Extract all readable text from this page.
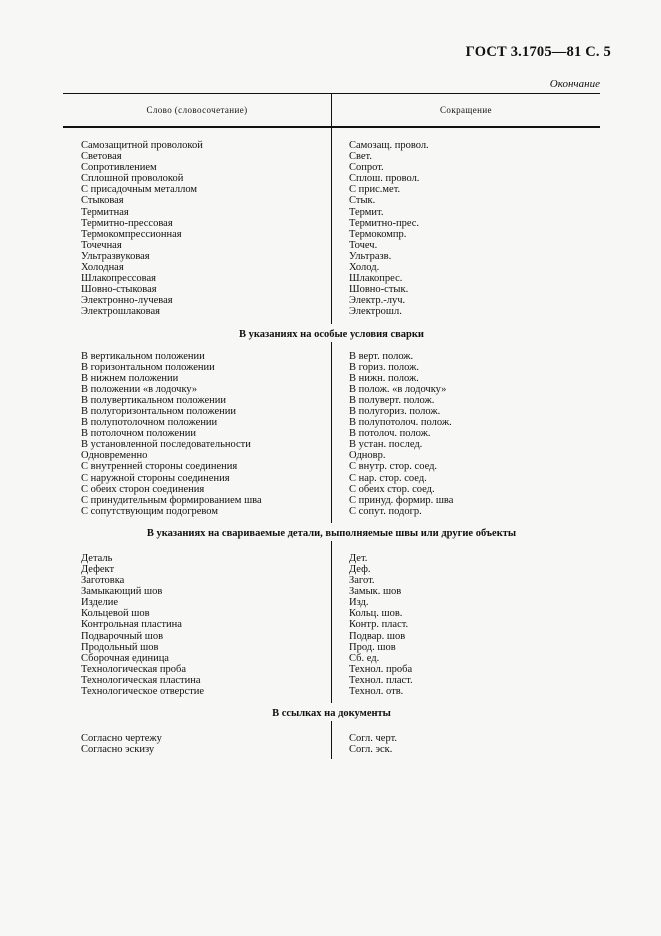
ГОСТ 3.1705—81 С. 5
Окончание
Слово (словосочетание)	Сокращение
Самозащитной проволокой	Самозащ. провол.
Световая	Свет.
Сопротивлением	Сопрот.
Сплошной проволокой	Сплош. провол.
С присадочным металлом	С прис.мет.
Стыковая	Стык.
Термитная	Термит.
Термитно-прессовая	Термитно-прес.
Термокомпрессионная	Термокомпр.
Точечная	Точеч.
Ультразвуковая	Ультразв.
Холодная	Холод.
Шлакопрессовая	Шлакопрес.
Шовно-стыковая	Шовно-стык.
Электронно-лучевая	Электр.-луч.
Электрошлаковая	Электрошл.
В указаниях на особые условия сварки
В вертикальном положении	В верт. полож.
В горизонтальном положении	В гориз. полож.
В нижнем положении	В нижн. полож.
В положении «в лодочку»	В полож. «в лодочку»
В полувертикальном положении	В полуверт. полож.
В полугоризонтальном положении	В полугориз. полож.
В полупотолочном положении	В полупотолоч. полож.
В потолочном положении	В потолоч. полож.
В установленной последовательности	В устан. послед.
Одновременно	Одновр.
С внутренней стороны соединения	С внутр. стор. соед.
С наружной стороны соединения	С нар. стор. соед.
С обеих сторон соединения	С обеих стор. соед.
С принудительным формированием шва	С принуд. формир. шва
С сопутствующим подогревом	С сопут. подогр.
В указаниях на свариваемые детали, выполняемые швы или другие объекты
Деталь	Дет.
Дефект	Деф.
Заготовка	Загот.
Замыкающий шов	Замык. шов
Изделие	Изд.
Кольцевой шов	Кольц. шов.
Контрольная пластина	Контр. пласт.
Подварочный шов	Подвар. шов
Продольный шов	Прод. шов
Сборочная единица	Сб. ед.
Технологическая проба	Технол. проба
Технологическая пластина	Технол. пласт.
Технологическое отверстие	Технол. отв.
В ссылках на документы
Согласно чертежу	Согл. черт.
Согласно эскизу	Согл. эск.
